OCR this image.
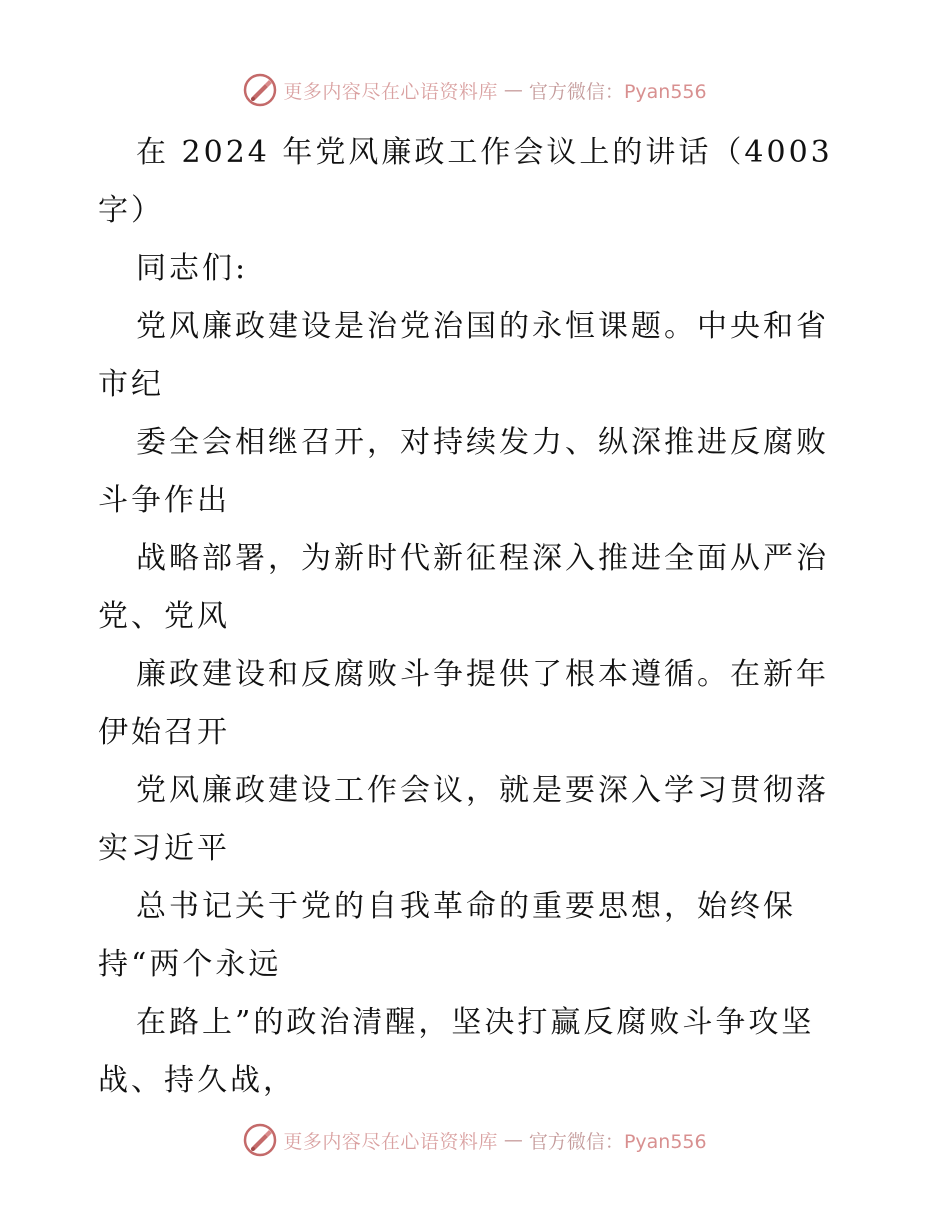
更多内容尽在心语资料库 — 官方微信：Pyan556
在 2024 年党风廉政工作会议上的讲话（4003
字）
同志们:
党风廉政建设是治党治国的永恒课题。中央和省
市纪
委全会相继召开，对持续发力、纵深推进反腐败
斗争作出
战略部署，为新时代新征程深入推进全面从严治
党、党风
廉政建设和反腐败斗争提供了根本遵循。在新年
伊始召开
党风廉政建设工作会议，就是要深入学习贯彻落
实习近平
总书记关于党的自我革命的重要思想，始终保
持“两个永远
在路上”的政治清醒，坚决打赢反腐败斗争攻坚
战、持久战，
更多内容尽在心语资料库 — 官方微信：Pyan556
